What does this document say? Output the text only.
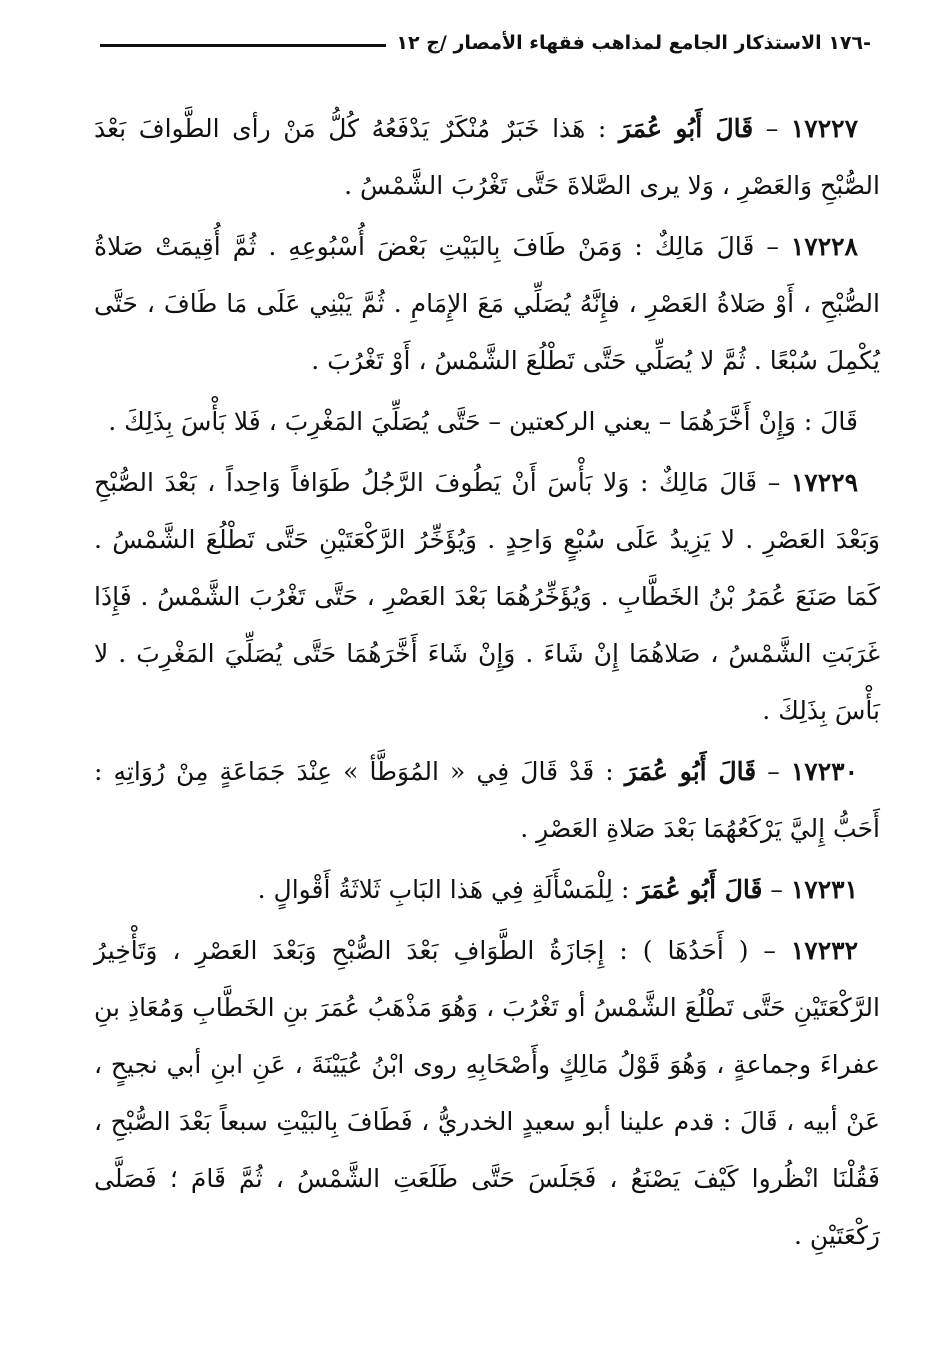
-١٧٦ الاستذكار الجامع لمذاهب فقهاء الأمصار /ج ١٢

١٧٢٢٧ – قَالَ أَبُو عُمَرَ : هَذا خَبَرٌ مُنْكَرٌ يَدْفَعُهُ كُلُّ مَنْ رأى الطَّوافَ بَعْدَ الصُّبْحِ وَالعَصْرِ ، وَلا يرى الصَّلاةَ حَتَّى تَغْرُبَ الشَّمْسُ .

١٧٢٢٨ – قَالَ مَالِكٌ : وَمَنْ طَافَ بِالبَيْتِ بَعْضَ أُسْبُوعِهِ . ثُمَّ أُقِيمَتْ صَلاةُ الصُّبْحِ ، أَوْ صَلاةُ العَصْرِ ، فإِنَّهُ يُصَلِّي مَعَ الإِمَامِ . ثُمَّ يَبْنِي عَلَى مَا طَافَ ، حَتَّى يُكْمِلَ سُبْعًا . ثُمَّ لا يُصَلِّي حَتَّى تَطْلُعَ الشَّمْسُ ، أَوْ تَغْرُبَ .

قَالَ : وَإِنْ أَخَّرَهُمَا – يعني الركعتين – حَتَّى يُصَلِّيَ المَغْرِبَ ، فَلا بَأْسَ بِذَلِكَ .

١٧٢٢٩ – قَالَ مَالِكٌ : وَلا بَأْسَ أَنْ يَطُوفَ الرَّجُلُ طَوَافاً وَاحِداً ، بَعْدَ الصُّبْحِ وَبَعْدَ العَصْرِ . لا يَزِيدُ عَلَى سُبْعٍ وَاحِدٍ . وَيُؤَخِّرُ الرَّكْعَتَيْنِ حَتَّى تَطْلُعَ الشَّمْسُ . كَمَا صَنَعَ عُمَرُ بْنُ الخَطَّابِ . وَيُؤَخِّرُهُمَا بَعْدَ العَصْرِ ، حَتَّى تَغْرُبَ الشَّمْسُ . فَإِذَا غَرَبَتِ الشَّمْسُ ، صَلاهُمَا إِنْ شَاءَ . وَإِنْ شَاءَ أَخَّرَهُمَا حَتَّى يُصَلِّيَ المَغْرِبَ . لا بَأْسَ بِذَلِكَ .

١٧٢٣٠ – قَالَ أَبُو عُمَرَ : قَدْ قَالَ فِي « المُوَطَّأ » عِنْدَ جَمَاعَةٍ مِنْ رُوَاتِهِ : أَحَبُّ إِليَّ يَرْكَعُهُمَا بَعْدَ صَلاةِ العَصْرِ .

١٧٢٣١ – قَالَ أَبُو عُمَرَ : لِلْمَسْأَلَةِ فِي هَذا البَابِ ثَلاثَةُ أَقْوالٍ .

١٧٢٣٢ – ( أَحَدُهَا ) : إِجَازَةُ الطَّوَافِ بَعْدَ الصُّبْحِ وَبَعْدَ العَصْرِ ، وَتَأْخِيرُ الرَّكْعَتَيْنِ حَتَّى تَطْلُعَ الشَّمْسُ أو تَغْرُبَ ، وَهُوَ مَذْهَبُ عُمَرَ بنِ الخَطَّابِ وَمُعَاذِ بنِ عفراءَ وجماعةٍ ، وَهُوَ قَوْلُ مَالِكٍ وأَصْحَابِهِ روى ابْنُ عُيَيْنَةَ ، عَنِ ابنِ أبي نجيحٍ ، عَنْ أبيه ، قَالَ : قدم علينا أبو سعيدٍ الخدريُّ ، فَطَافَ بِالبَيْتِ سبعاً بَعْدَ الصُّبْحِ ، فَقُلْنَا انْظُروا كَيْفَ يَصْنَعُ ، فَجَلَسَ حَتَّى طَلَعَتِ الشَّمْسُ ، ثُمَّ قَامَ ؛ فَصَلَّى رَكْعَتَيْنِ .
